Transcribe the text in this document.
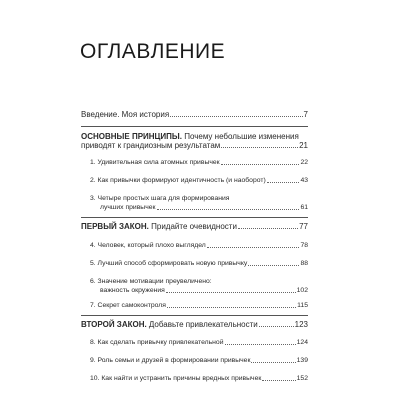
ОГЛАВЛЕНИЕ
Введение. Моя история	7
ОСНОВНЫЕ ПРИНЦИПЫ. Почему небольшие изменения
приводят к грандиозным результатам	21
1. Удивительная сила атомных привычек	22
2. Как привычки формируют идентичность (и наоборот)	43
3. Четыре простых шага для формирования
лучших привычек	61
ПЕРВЫЙ ЗАКОН. Придайте очевидности	77
4. Человек, который плохо выглядел	78
5. Лучший способ сформировать новую привычку	88
6. Значение мотивации преувеличено:
важность окружения	102
7. Секрет самоконтроля	115
ВТОРОЙ ЗАКОН. Добавьте привлекательности	123
8. Как сделать привычку привлекательной	124
9. Роль семьи и друзей в формировании привычек	139
10. Как найти и устранить причины вредных привычек	152
